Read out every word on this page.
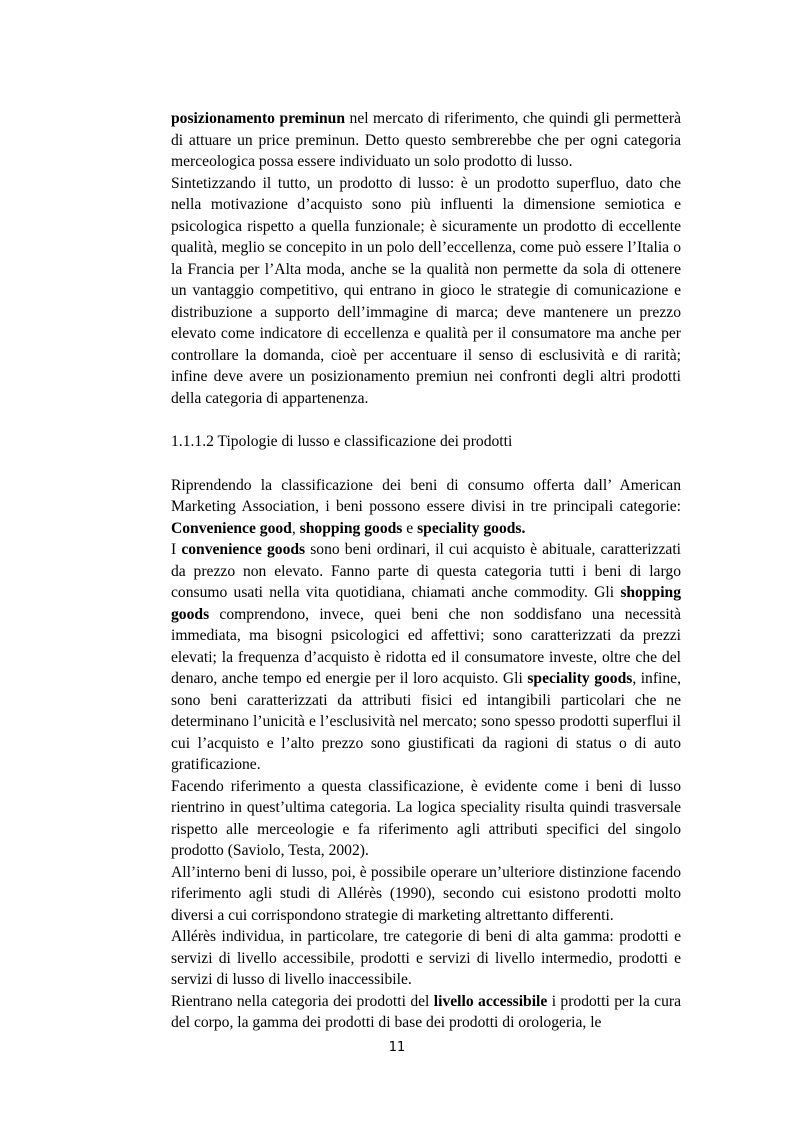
posizionamento preminun nel mercato di riferimento, che quindi gli permetterà di attuare un price preminun. Detto questo sembrerebbe che per ogni categoria merceologica possa essere individuato un solo prodotto di lusso.

Sintetizzando il tutto, un prodotto di lusso: è un prodotto superfluo, dato che nella motivazione d’acquisto sono più influenti la dimensione semiotica e psicologica rispetto a quella funzionale; è sicuramente un prodotto di eccellente qualità, meglio se concepito in un polo dell’eccellenza, come può essere l’Italia o la Francia per l’Alta moda, anche se la qualità non permette da sola di ottenere un vantaggio competitivo, qui entrano in gioco le strategie di comunicazione e distribuzione a supporto dell’immagine di marca; deve mantenere un prezzo elevato come indicatore di eccellenza e qualità per il consumatore ma anche per controllare la domanda, cioè per accentuare il senso di esclusività e di rarità; infine deve avere un posizionamento premiun nei confronti degli altri prodotti della categoria di appartenenza.

1.1.1.2 Tipologie di lusso e classificazione dei prodotti

Riprendendo la classificazione dei beni di consumo offerta dall’ American Marketing Association, i beni possono essere divisi in tre principali categorie: Convenience good, shopping goods e speciality goods.

I convenience goods sono beni ordinari, il cui acquisto è abituale, caratterizzati da prezzo non elevato. Fanno parte di questa categoria tutti i beni di largo consumo usati nella vita quotidiana, chiamati anche commodity. Gli shopping goods comprendono, invece, quei beni che non soddisfano una necessità immediata, ma bisogni psicologici ed affettivi; sono caratterizzati da prezzi elevati; la frequenza d’acquisto è ridotta ed il consumatore investe, oltre che del denaro, anche tempo ed energie per il loro acquisto. Gli speciality goods, infine, sono beni caratterizzati da attributi fisici ed intangibili particolari che ne determinano l’unicità e l’esclusività nel mercato; sono spesso prodotti superflui il cui l’acquisto e l’alto prezzo sono giustificati da ragioni di status o di auto gratificazione.

Facendo riferimento a questa classificazione, è evidente come i beni di lusso rientrino in quest’ultima categoria. La logica speciality risulta quindi trasversale rispetto alle merceologie e fa riferimento agli attributi specifici del singolo prodotto (Saviolo, Testa, 2002).

All’interno beni di lusso, poi, è possibile operare un’ulteriore distinzione facendo riferimento agli studi di Allérès (1990), secondo cui esistono prodotti molto diversi a cui corrispondono strategie di marketing altrettanto differenti.

Allérès individua, in particolare, tre categorie di beni di alta gamma: prodotti e servizi di livello accessibile, prodotti e servizi di livello intermedio, prodotti e servizi di lusso di livello inaccessibile.

Rientrano nella categoria dei prodotti del livello accessibile i prodotti per la cura del corpo, la gamma dei prodotti di base dei prodotti di orologeria, le

11
